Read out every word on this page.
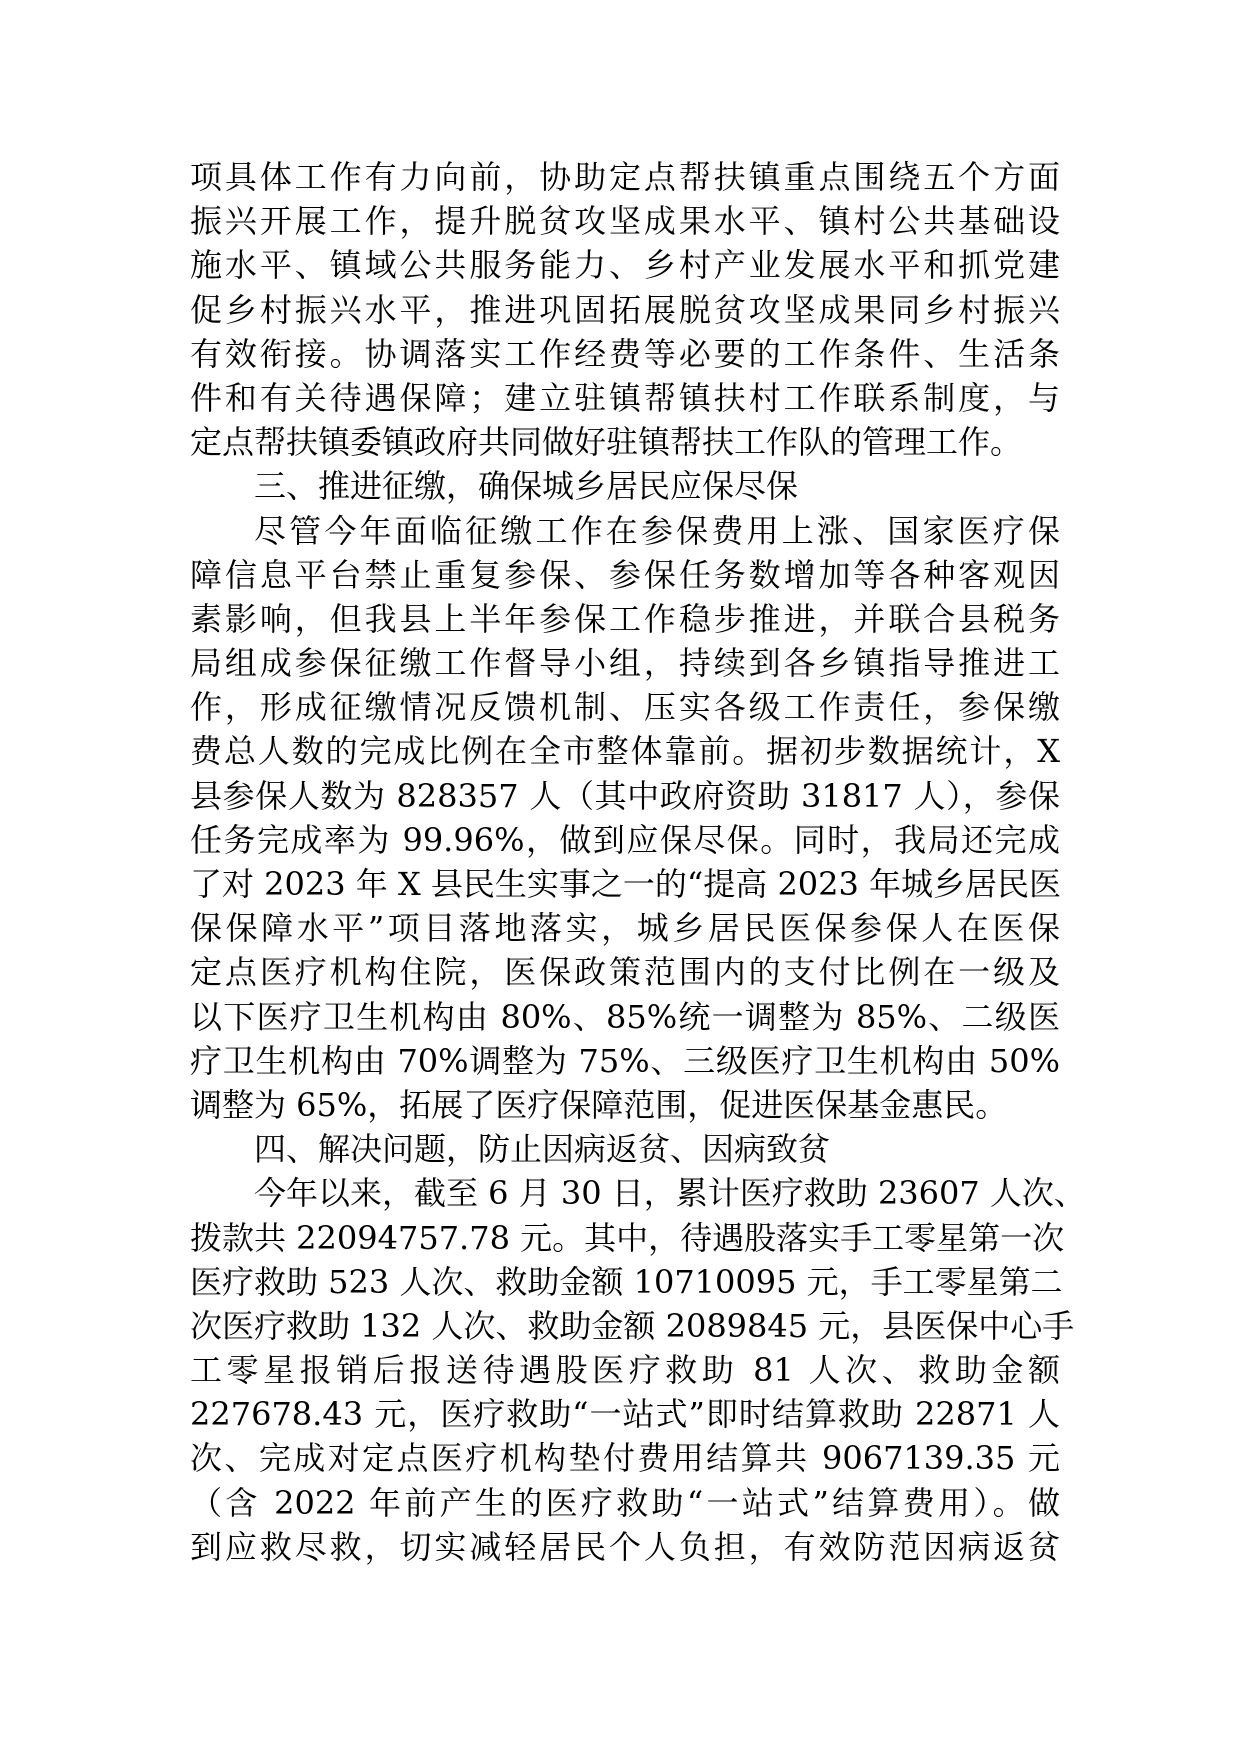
项具体工作有力向前，协助定点帮扶镇重点围绕五个方面
振兴开展工作，提升脱贫攻坚成果水平、镇村公共基础设
施水平、镇域公共服务能力、乡村产业发展水平和抓党建
促乡村振兴水平，推进巩固拓展脱贫攻坚成果同乡村振兴
有效衔接。协调落实工作经费等必要的工作条件、生活条
件和有关待遇保障；建立驻镇帮镇扶村工作联系制度，与
定点帮扶镇委镇政府共同做好驻镇帮扶工作队的管理工作。
三、推进征缴，确保城乡居民应保尽保
尽管今年面临征缴工作在参保费用上涨、国家医疗保
障信息平台禁止重复参保、参保任务数增加等各种客观因
素影响，但我县上半年参保工作稳步推进，并联合县税务
局组成参保征缴工作督导小组，持续到各乡镇指导推进工
作，形成征缴情况反馈机制、压实各级工作责任，参保缴
费总人数的完成比例在全市整体靠前。据初步数据统计，X
县参保人数为 828357 人（其中政府资助 31817 人），参保
任务完成率为 99.96%，做到应保尽保。同时，我局还完成
了对 2023 年 X 县民生实事之一的“提高 2023 年城乡居民医
保保障水平”项目落地落实，城乡居民医保参保人在医保
定点医疗机构住院，医保政策范围内的支付比例在一级及
以下医疗卫生机构由 80%、85%统一调整为 85%、二级医
疗卫生机构由 70%调整为 75%、三级医疗卫生机构由 50%
调整为 65%，拓展了医疗保障范围，促进医保基金惠民。
四、解决问题，防止因病返贫、因病致贫
今年以来，截至 6 月 30 日，累计医疗救助 23607 人次、
拨款共 22094757.78 元。其中，待遇股落实手工零星第一次
医疗救助 523 人次、救助金额 10710095 元，手工零星第二
次医疗救助 132 人次、救助金额 2089845 元，县医保中心手
工零星报销后报送待遇股医疗救助 81 人次、救助金额
227678.43 元，医疗救助“一站式”即时结算救助 22871 人
次、完成对定点医疗机构垫付费用结算共 9067139.35 元
（含 2022 年前产生的医疗救助“一站式”结算费用）。做
到应救尽救，切实减轻居民个人负担，有效防范因病返贫
